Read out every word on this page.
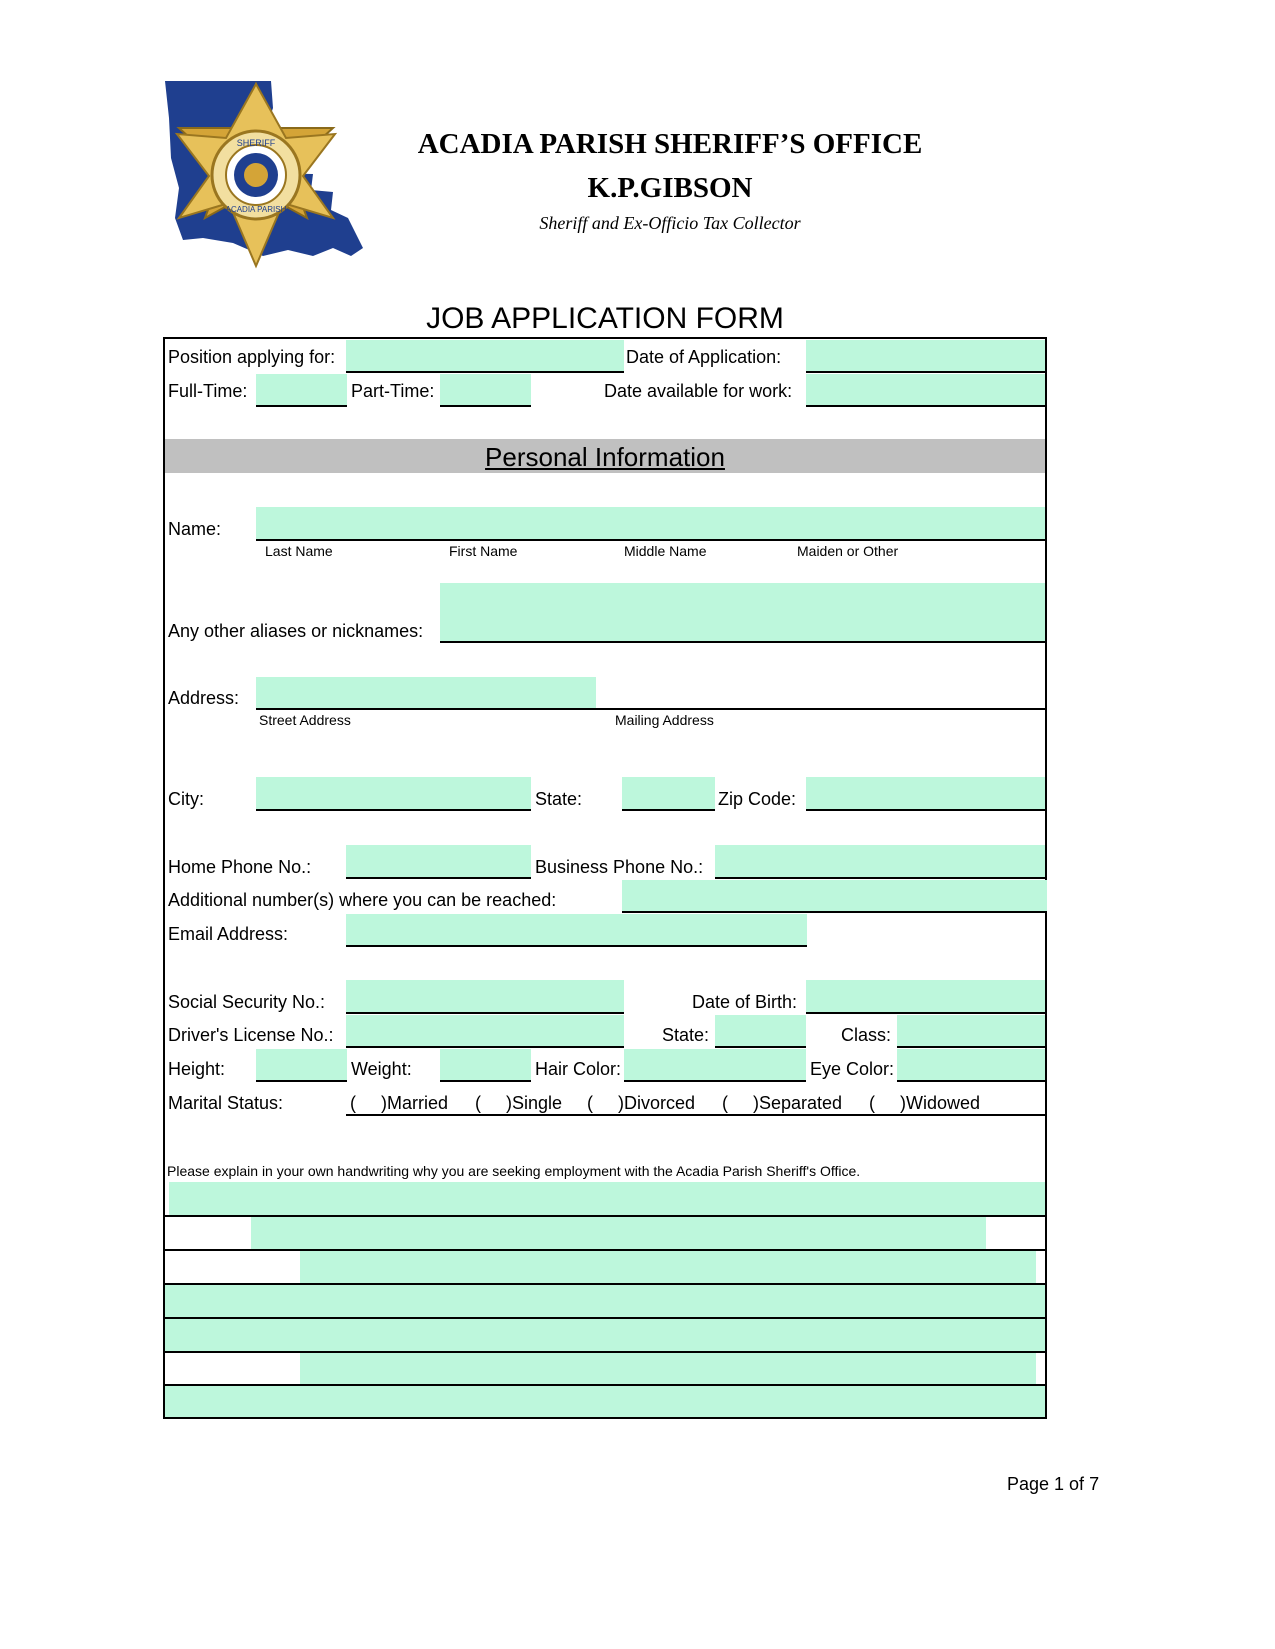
SHERIFF
ACADIA PARISH
ACADIA PARISH SHERIFF’S OFFICE
K.P.GIBSON
Sheriff and Ex-Officio Tax Collector
JOB APPLICATION FORM
Position applying for:	Date of Application:
Full-Time:	Part-Time:	Date available for work:
Personal Information
Name:
Last Name	First Name	Middle Name	Maiden or Other
Any other aliases or nicknames:
Address:
Street Address	Mailing Address
City:	State:	Zip Code:
Home Phone No.:	Business Phone No.:
Additional number(s) where you can be reached:
Email Address:
Social Security No.:	Date of Birth:
Driver's License No.:	State:	Class:
Height:	Weight:	Hair Color:	Eye Color:
Marital Status:	(     )Married (     )Single (     )Divorced (     )Separated (     )Widowed
Please explain in your own handwriting why you are seeking employment with the Acadia Parish Sheriff's Office.
Page 1 of 7
